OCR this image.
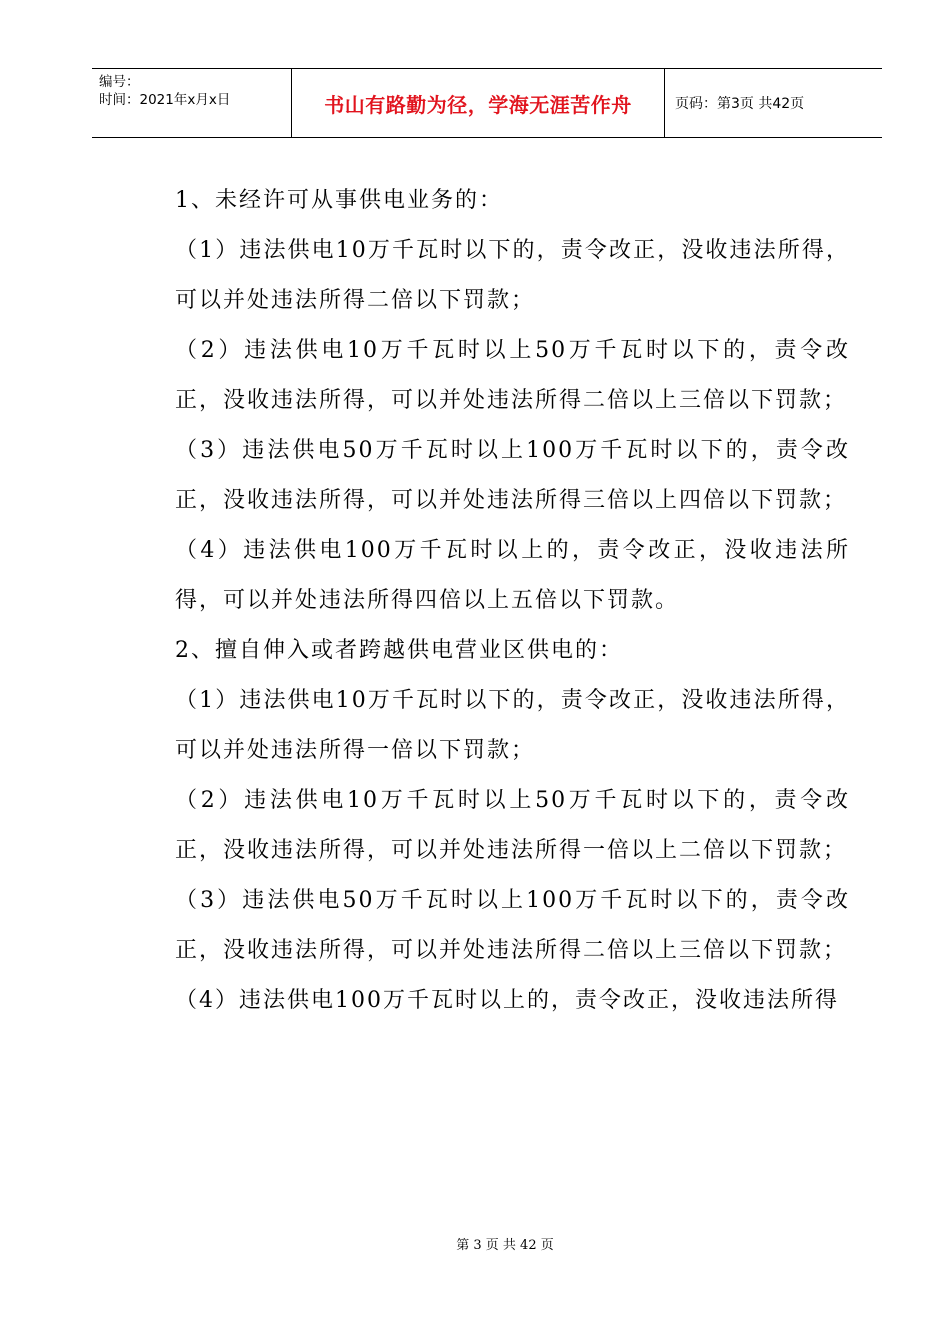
编号：
时间：2021年x月x日	书山有路勤为径，学海无涯苦作舟	页码：第3页 共42页

1、未经许可从事供电业务的：

（1）违法供电10万千瓦时以下的，责令改正，没收违法所得，可以并处违法所得二倍以下罚款；

（2）违法供电10万千瓦时以上50万千瓦时以下的，责令改正，没收违法所得，可以并处违法所得二倍以上三倍以下罚款；

（3）违法供电50万千瓦时以上100万千瓦时以下的，责令改正，没收违法所得，可以并处违法所得三倍以上四倍以下罚款；

（4）违法供电100万千瓦时以上的，责令改正，没收违法所得，可以并处违法所得四倍以上五倍以下罚款。

2、擅自伸入或者跨越供电营业区供电的：

（1）违法供电10万千瓦时以下的，责令改正，没收违法所得，可以并处违法所得一倍以下罚款；

（2）违法供电10万千瓦时以上50万千瓦时以下的，责令改正，没收违法所得，可以并处违法所得一倍以上二倍以下罚款；

（3）违法供电50万千瓦时以上100万千瓦时以下的，责令改正，没收违法所得，可以并处违法所得二倍以上三倍以下罚款；

（4）违法供电100万千瓦时以上的，责令改正，没收违法所得

第 3 页 共 42 页
